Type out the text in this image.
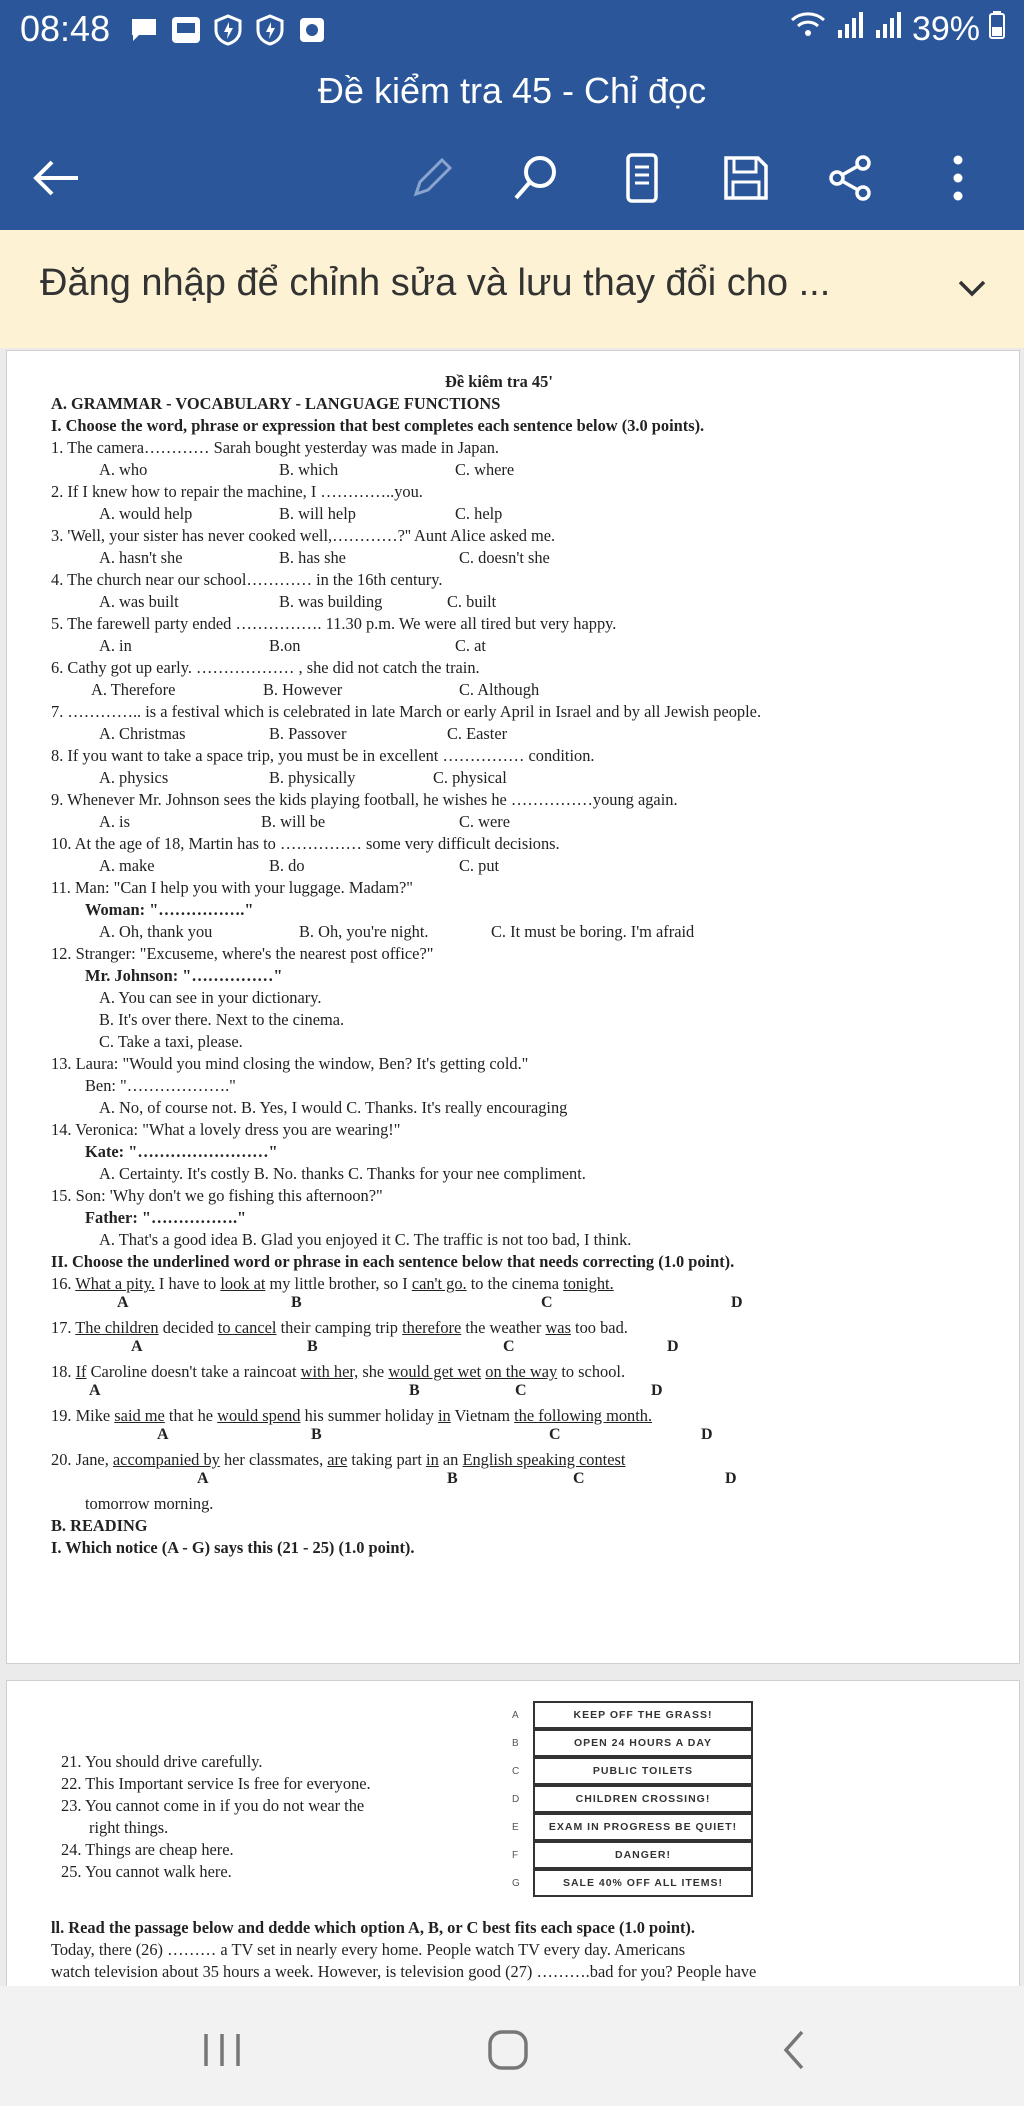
08:48	39%
Đề kiểm tra 45 - Chỉ đọc
Đăng nhập để chỉnh sửa và lưu thay đổi cho ...
Đề kiêm tra 45'
A. GRAMMAR - VOCABULARY - LANGUAGE FUNCTIONS
I. Choose the word, phrase or expression that best completes each sentence below (3.0 points).
1. The camera………… Sarah bought yesterday was made in Japan.
A. who	B. which	C. where
2. If I knew how to repair the machine, I …………..you.
A. would help	B. will help	C. help
3. 'Well, your sister has never cooked well,…………?'' Aunt Alice asked me.
A. hasn't she	B. has she	C. doesn't she
4. The church near our school………… in the 16th century.
A. was built	B. was building	C. built
5. The farewell party ended ……………. 11.30 p.m. We were all tired but very happy.
A. in	B.on	C. at
6. Cathy got up early. ……………… , she did not catch the train.
A. Therefore	B. However	C. Although
7. ………….. is a festival which is celebrated in late March or early April in Israel and by all Jewish people.
A. Christmas	B. Passover	C. Easter
8. If you want to take a space trip, you must be in excellent …………… condition.
A. physics	B. physically	C. physical
9. Whenever Mr. Johnson sees the kids playing football, he wishes he ……………young again.
A. is	B. will be	C. were
10. At the age of 18, Martin has to …………… some very difficult decisions.
A. make	B. do	C. put
11. Man: "Can I help you with your luggage. Madam?"
Woman: "……………."
A. Oh, thank you	B. Oh, you're night.	C. It must be boring. I'm afraid
12. Stranger: "Excuseme, where's the nearest post office?"
Mr. Johnson: "……………"
A. You can see in your dictionary.
B. It's over there. Next to the cinema.
C. Take a taxi, please.
13. Laura: "Would you mind closing the window, Ben? It's getting cold."
Ben: "………………."
A. No, of course not. B. Yes, I would C. Thanks. It's really encouraging
14. Veronica: "What a lovely dress you are wearing!"
Kate: "……………………"
A. Certainty. It's costly B. No. thanks C. Thanks for your nee compliment.
15. Son: 'Why don't we go fishing this afternoon?"
Father: "……………."
A. That's a good idea B. Glad you enjoyed it C. The traffic is not too bad, I think.
II. Choose the underlined word or phrase in each sentence below that needs correcting (1.0 point).
16. What a pity. I have to look at my little brother, so I can't go. to the cinema tonight.
A	B	C	D
17. The children decided to cancel their camping trip therefore the weather was too bad.
A	B	C	D
18. If Caroline doesn't take a raincoat with her, she would get wet on the way to school.
A	B	C	D
19. Mike said me that he would spend his summer holiday in Vietnam the following month.
A	B	C	D
20. Jane, accompanied by her classmates, are taking part in an English speaking contest
A	B	C	D
tomorrow morning.
B. READING
I. Which notice (A - G) says this (21 - 25) (1.0 point).
21. You should drive carefully.
22. This Important service Is free for everyone.
23. You cannot come in if you do not wear the
right things.
24. Things are cheap here.
25. You cannot walk here.
A	KEEP OFF THE GRASS!
B	OPEN 24 HOURS A DAY
C	PUBLIC TOILETS
D	CHILDREN CROSSING!
E	EXAM IN PROGRESS BE QUIET!
F	DANGER!
G	SALE 40% OFF ALL ITEMS!
ll. Read the passage below and dedde which option A, B, or C best fits each space (1.0 point).
Today, there (26) ……… a TV set in nearly every home. People watch TV every day. Americans
watch television about 35 hours a week. However, is television good (27) ……….bad for you? People have
